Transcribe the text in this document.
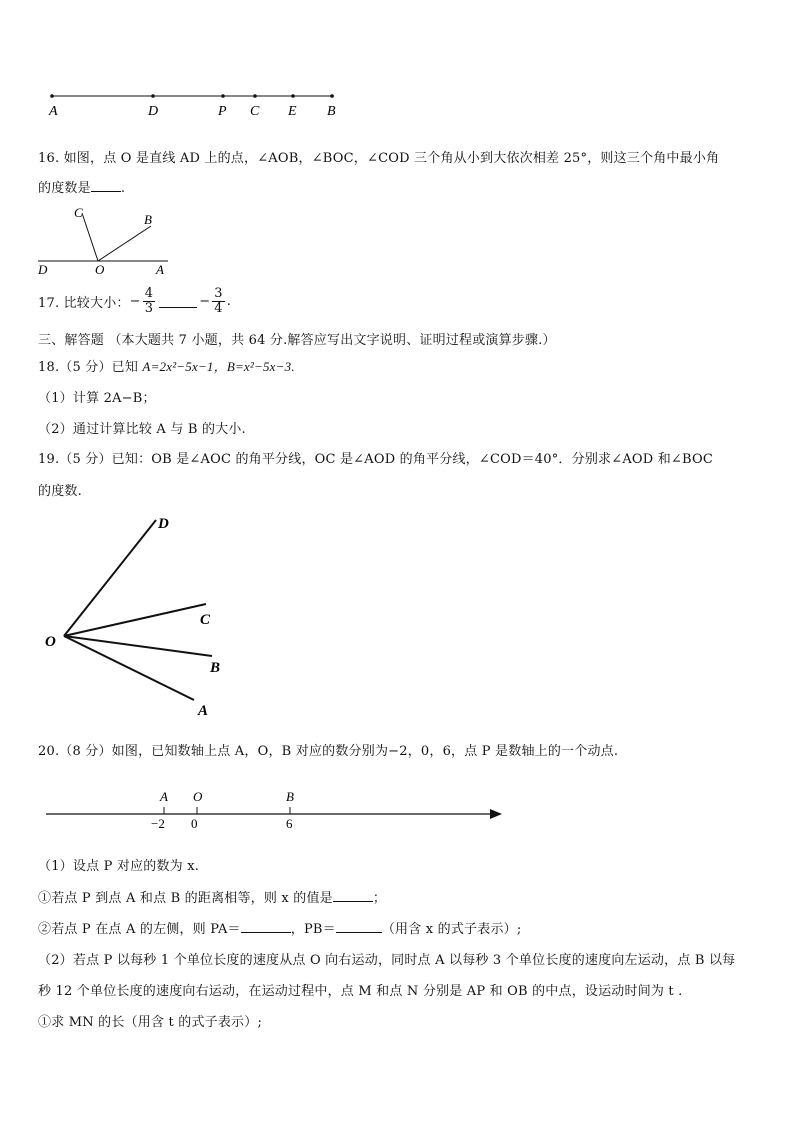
A	D	P C E B
16. 如图，点 O 是直线 AD 上的点，∠AOB，∠BOC，∠COD 三个角从小到大依次相差 25°，则这三个角中最小角
的度数是 .
C	B
D	O	A
17. 比较大小： − $\frac{4}{3}$	− $\frac{3}{4}$ .
三、解答题 （本大题共 7 小题，共 64 分.解答应写出文字说明、证明过程或演算步骤.）
18.（5 分）已知 A=2x²−5x−1，B=x²−5x−3.
（1）计算 2A−B；
（2）通过计算比较 A 与 B 的大小.
19.（5 分）已知：OB 是∠AOC 的角平分线，OC 是∠AOD 的角平分线，∠COD＝40°．分别求∠AOD 和∠BOC
的度数.
D
C
O
B
A
20.（8 分）如图，已知数轴上点 A，O，B 对应的数分别为−2，0，6，点 P 是数轴上的一个动点.
A O	B
−2 0	6
（1）设点 P 对应的数为 x.
①若点 P 到点 A 和点 B 的距离相等，则 x 的值是	；
②若点 P 在点 A 的左侧，则 PA＝	，PB＝	（用含 x 的式子表示）;
（2）若点 P 以每秒 1 个单位长度的速度从点 O 向右运动，同时点 A 以每秒 3 个单位长度的速度向左运动，点 B 以每
秒 12 个单位长度的速度向右运动，在运动过程中，点 M 和点 N 分别是 AP 和 OB 的中点，设运动时间为 t .
①求 MN 的长（用含 t 的式子表示）;
